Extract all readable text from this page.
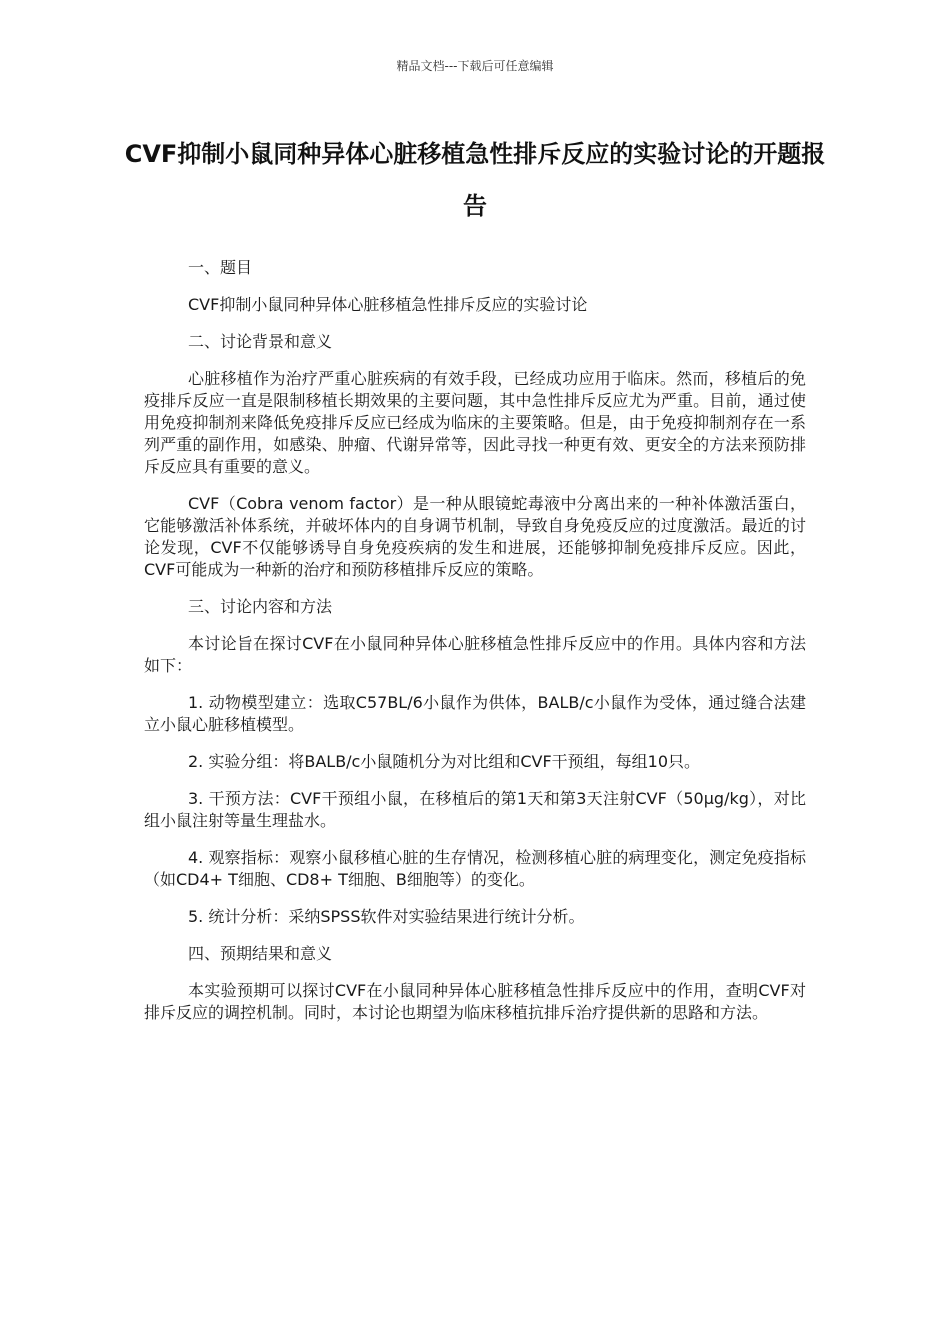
精品文档---下载后可任意编辑
CVF抑制小鼠同种异体心脏移植急性排斥反应的实验讨论的开题报告

一、题目

CVF抑制小鼠同种异体心脏移植急性排斥反应的实验讨论

二、讨论背景和意义

心脏移植作为治疗严重心脏疾病的有效手段，已经成功应用于临床。然而，移植后的免疫排斥反应一直是限制移植长期效果的主要问题，其中急性排斥反应尤为严重。目前，通过使用免疫抑制剂来降低免疫排斥反应已经成为临床的主要策略。但是，由于免疫抑制剂存在一系列严重的副作用，如感染、肿瘤、代谢异常等，因此寻找一种更有效、更安全的方法来预防排斥反应具有重要的意义。

CVF（Cobra venom factor）是一种从眼镜蛇毒液中分离出来的一种补体激活蛋白，它能够激活补体系统，并破坏体内的自身调节机制，导致自身免疫反应的过度激活。最近的讨论发现，CVF不仅能够诱导自身免疫疾病的发生和进展，还能够抑制免疫排斥反应。因此，CVF可能成为一种新的治疗和预防移植排斥反应的策略。

三、讨论内容和方法

本讨论旨在探讨CVF在小鼠同种异体心脏移植急性排斥反应中的作用。具体内容和方法如下：

1. 动物模型建立：选取C57BL/6小鼠作为供体，BALB/c小鼠作为受体，通过缝合法建立小鼠心脏移植模型。

2. 实验分组：将BALB/c小鼠随机分为对比组和CVF干预组，每组10只。

3. 干预方法：CVF干预组小鼠，在移植后的第1天和第3天注射CVF（50μg/kg），对比组小鼠注射等量生理盐水。

4. 观察指标：观察小鼠移植心脏的生存情况，检测移植心脏的病理变化，测定免疫指标（如CD4+ T细胞、CD8+ T细胞、B细胞等）的变化。

5. 统计分析：采纳SPSS软件对实验结果进行统计分析。

四、预期结果和意义

本实验预期可以探讨CVF在小鼠同种异体心脏移植急性排斥反应中的作用，查明CVF对排斥反应的调控机制。同时，本讨论也期望为临床移植抗排斥治疗提供新的思路和方法。
